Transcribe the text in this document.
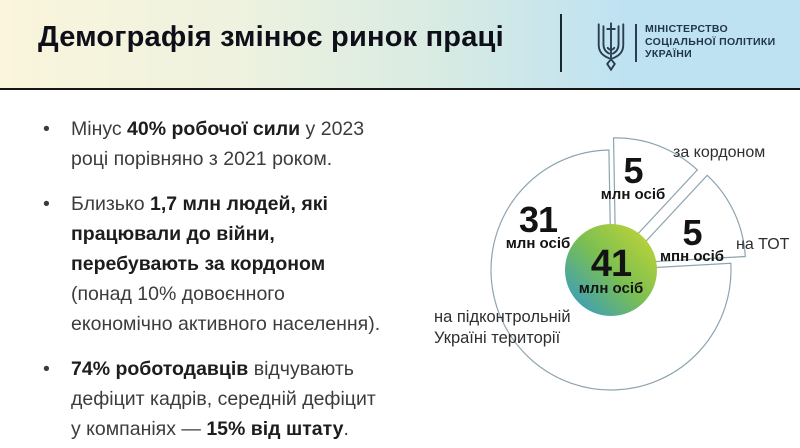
Демографія змінює ринок праці	МІНІСТЕРСТВО
СОЦІАЛЬНОЇ ПОЛІТИКИ
УКРАЇНИ
• Мінус 40% робочої сили у 2023 році порівняно з 2021 роком.
• Близько 1,7 млн людей, які працювали до війни, перебувають за кордоном (понад 10% довоєнного економічно активного населення).
• 74% роботодавців відчувають дефіцит кадрів, середній дефіцит у компаніях — 15% від штату.
5
млн осіб
5
мпн осіб
31
млн осіб 41
млн осіб
за кордоном
на ТОТ
на підконтрольній Україні території
